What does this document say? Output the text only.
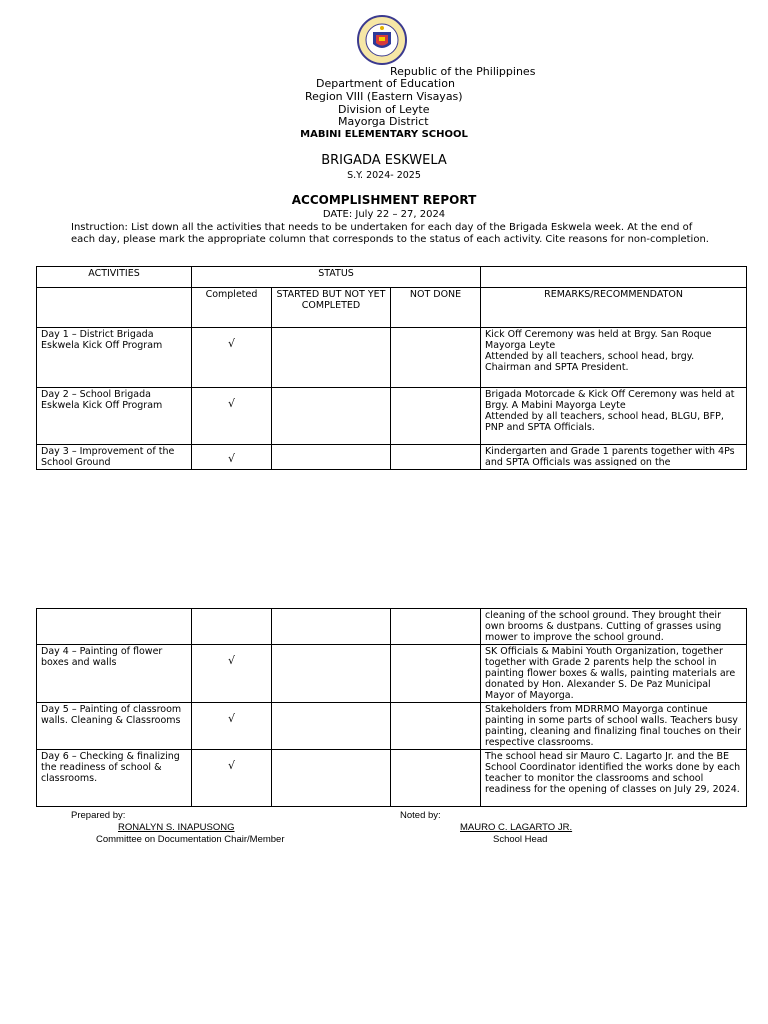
Republic of the Philippines
Department of Education
Region VIII (Eastern Visayas)
Division of Leyte
Mayorga District
MABINI ELEMENTARY SCHOOL
BRIGADA ESKWELA
S.Y. 2024- 2025
ACCOMPLISHMENT REPORT
DATE: July 22 – 27, 2024
Instruction: List down all the activities that needs to be undertaken for each day of the Brigada Eskwela week. At the end of each day, please mark the appropriate column that corresponds to the status of each activity. Cite reasons for non-completion.
ACTIVITIES	STATUS			
	Completed	STARTED BUT NOT YET COMPLETED	NOT DONE	REMARKS/RECOMMENDATON
Day 1 – District Brigada Eskwela Kick Off Program	√			Kick Off Ceremony was held at Brgy. San Roque Mayorga Leyte
Attended by all teachers, school head, brgy. Chairman and SPTA President.

Day 2 – School Brigada Eskwela Kick Off Program	√			Brigada Motorcade & Kick Off Ceremony was held at Brgy. A Mabini Mayorga Leyte
Attended by all teachers, school head, BLGU, BFP, PNP and SPTA Officials.

Day 3 – Improvement of the School Ground	√			Kindergarten and Grade 1 parents together with 4Ps and SPTA Officials was assigned on the
				cleaning of the school ground. They brought their own brooms & dustpans. Cutting of grasses using mower to improve the school ground.
Day 4 – Painting of flower boxes and walls	√			SK Officials & Mabini Youth Organization, together together with Grade 2 parents help the school in painting flower boxes & walls, painting materials are donated by Hon. Alexander S. De Paz Municipal Mayor of Mayorga.
Day 5 – Painting of classroom walls. Cleaning & Classrooms	√			Stakeholders from MDRRMO Mayorga continue painting in some parts of school walls. Teachers busy painting, cleaning and finalizing final touches on their respective classrooms.
Day 6 – Checking & finalizing the readiness of school & classrooms.	√			The school head sir Mauro C. Lagarto Jr. and the BE School Coordinator identified the works done by each teacher to monitor the classrooms and school readiness for the opening of classes on July 29, 2024.
Prepared by:
RONALYN S. INAPUSONG
Committee on Documentation Chair/Member
Noted by:
MAURO C. LAGARTO JR.
School Head
